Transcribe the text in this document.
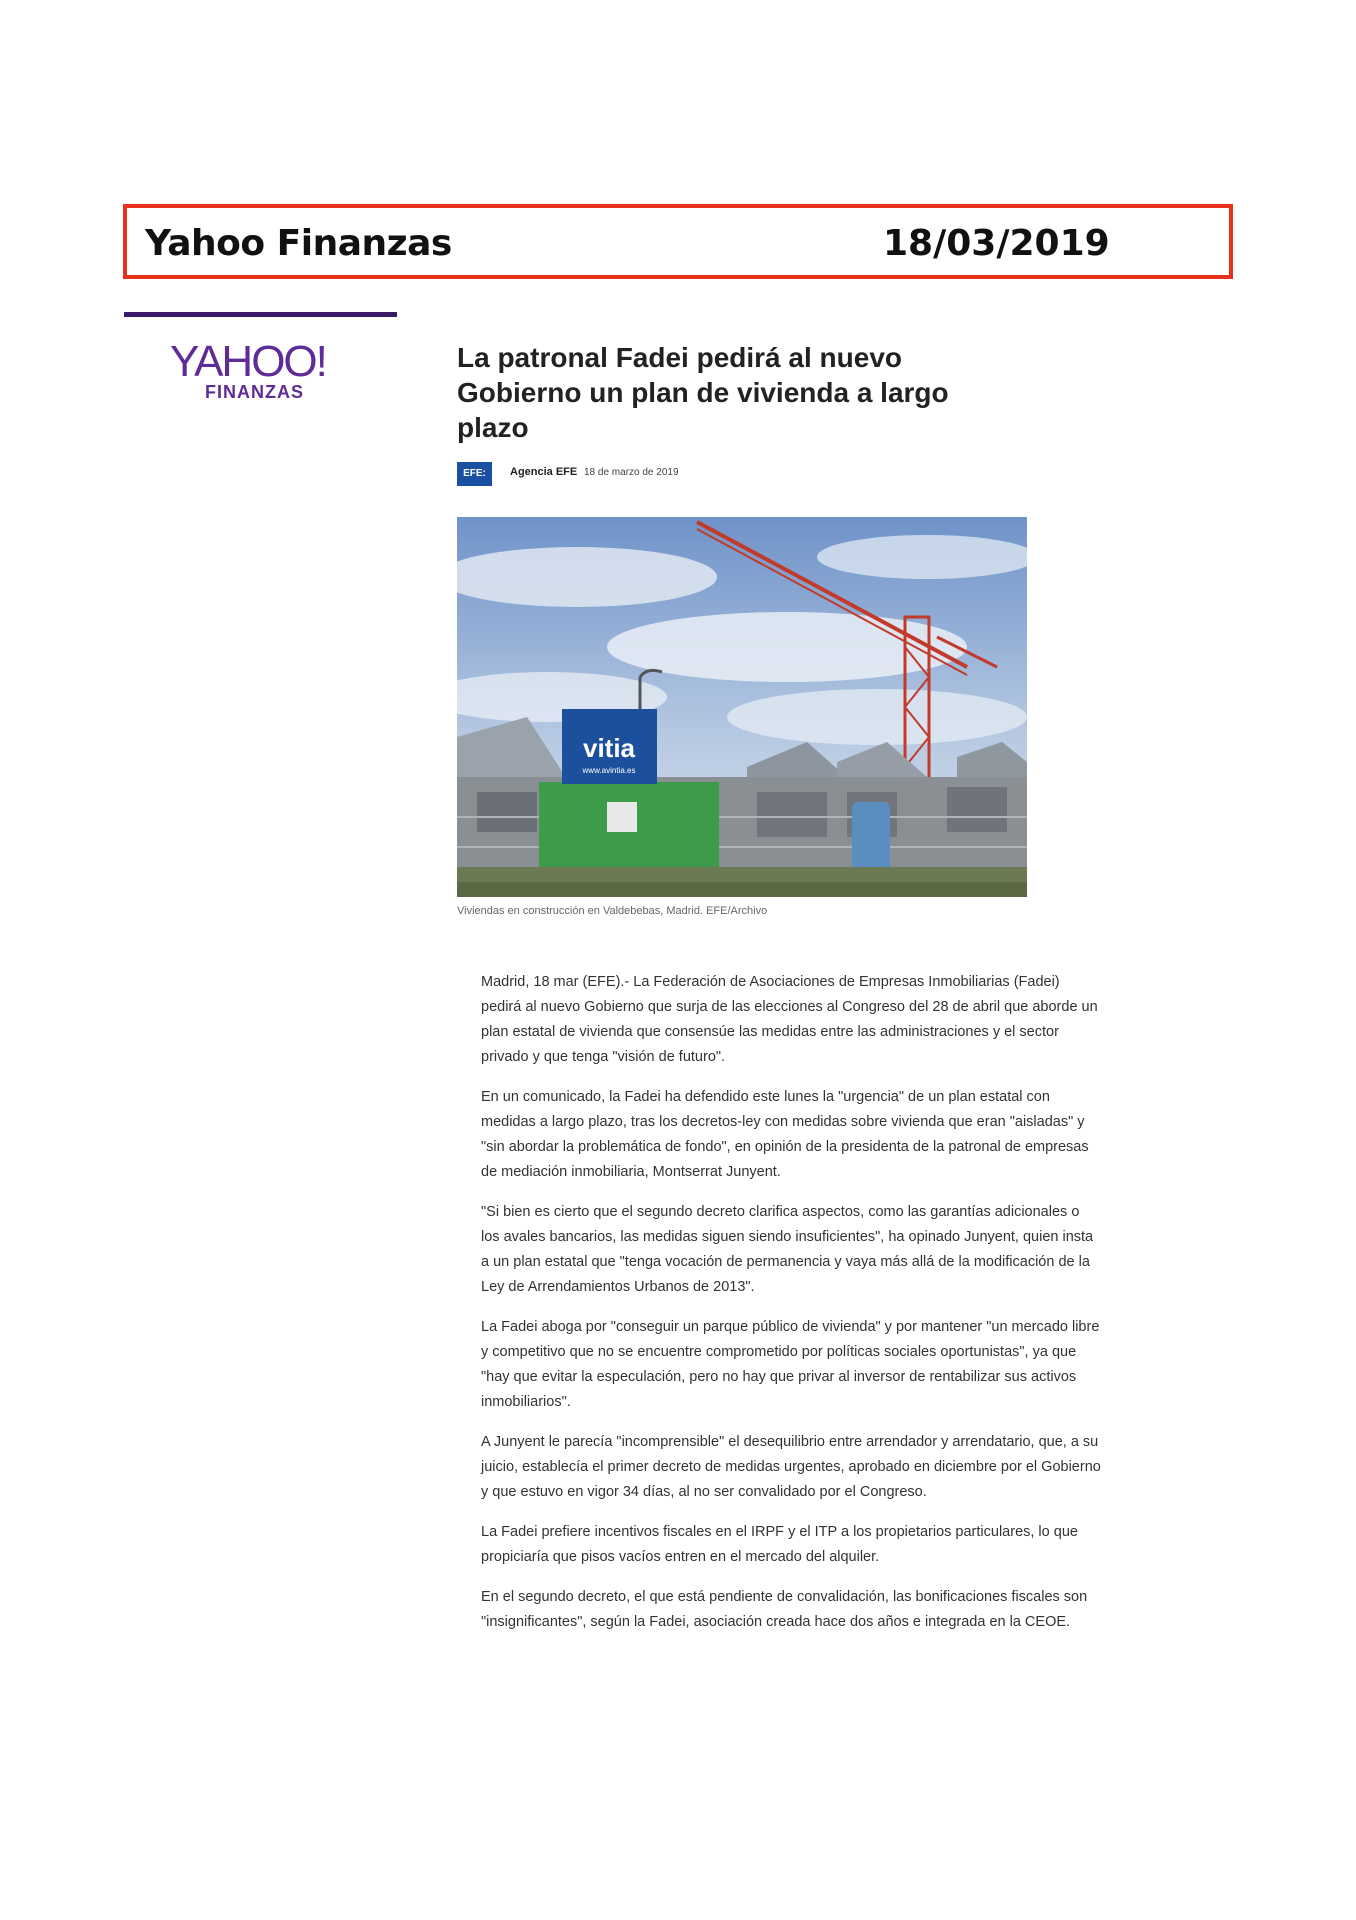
Yahoo Finanzas	18/03/2019
YAHOO!
FINANZAS
La patronal Fadei pedirá al nuevo Gobierno un plan de vivienda a largo plazo
EFE:	Agencia EFE 18 de marzo de 2019
vitia
www.avintia.es
Viviendas en construcción en Valdebebas, Madrid. EFE/Archivo

Madrid, 18 mar (EFE).- La Federación de Asociaciones de Empresas Inmobiliarias (Fadei) pedirá al nuevo Gobierno que surja de las elecciones al Congreso del 28 de abril que aborde un plan estatal de vivienda que consensúe las medidas entre las administraciones y el sector privado y que tenga "visión de futuro".

En un comunicado, la Fadei ha defendido este lunes la "urgencia" de un plan estatal con medidas a largo plazo, tras los decretos-ley con medidas sobre vivienda que eran "aisladas" y "sin abordar la problemática de fondo", en opinión de la presidenta de la patronal de empresas de mediación inmobiliaria, Montserrat Junyent.

"Si bien es cierto que el segundo decreto clarifica aspectos, como las garantías adicionales o los avales bancarios, las medidas siguen siendo insuficientes", ha opinado Junyent, quien insta a un plan estatal que "tenga vocación de permanencia y vaya más allá de la modificación de la Ley de Arrendamientos Urbanos de 2013".

La Fadei aboga por "conseguir un parque público de vivienda" y por mantener "un mercado libre y competitivo que no se encuentre comprometido por políticas sociales oportunistas", ya que "hay que evitar la especulación, pero no hay que privar al inversor de rentabilizar sus activos inmobiliarios".

A Junyent le parecía "incomprensible" el desequilibrio entre arrendador y arrendatario, que, a su juicio, establecía el primer decreto de medidas urgentes, aprobado en diciembre por el Gobierno y que estuvo en vigor 34 días, al no ser convalidado por el Congreso.

La Fadei prefiere incentivos fiscales en el IRPF y el ITP a los propietarios particulares, lo que propiciaría que pisos vacíos entren en el mercado del alquiler.

En el segundo decreto, el que está pendiente de convalidación, las bonificaciones fiscales son "insignificantes", según la Fadei, asociación creada hace dos años e integrada en la CEOE.
